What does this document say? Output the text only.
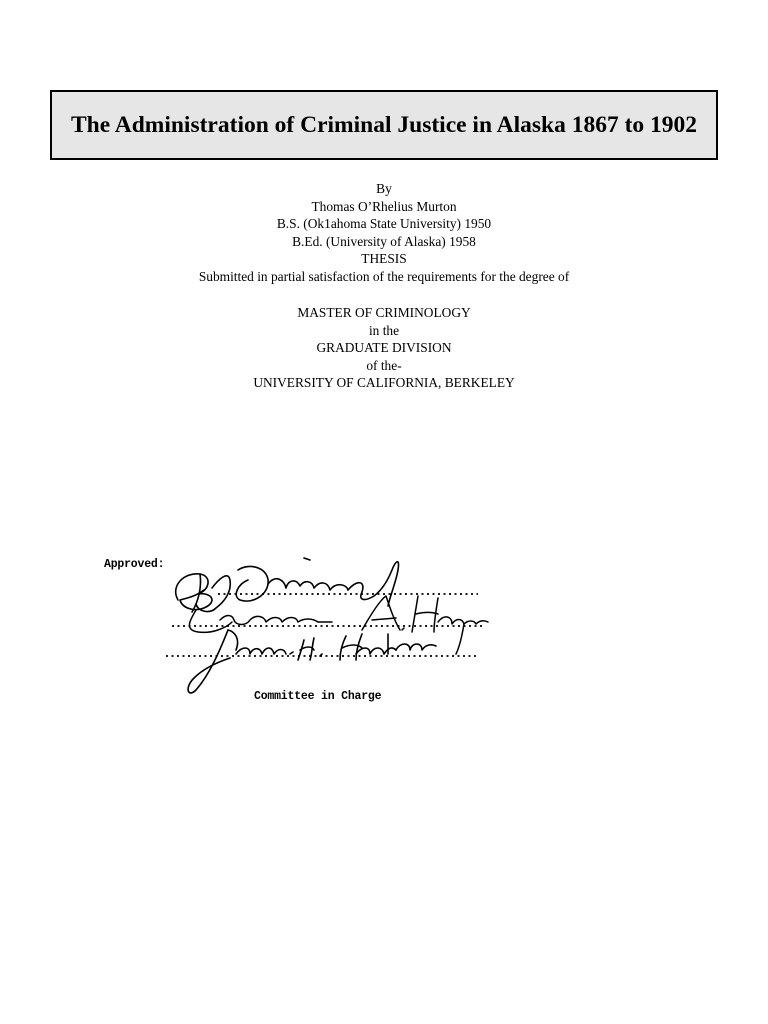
The Administration of Criminal Justice in Alaska 1867 to 1902
By
Thomas O’Rhelius Murton
B.S. (Ok1ahoma State University) 1950
B.Ed. (University of Alaska) 1958
THESIS
Submitted in partial satisfaction of the requirements for the degree of
MASTER OF CRIMINOLOGY
in the
GRADUATE DIVISION
of the-
UNIVERSITY OF CALIFORNIA, BERKELEY
Approved:
Committee in Charge
